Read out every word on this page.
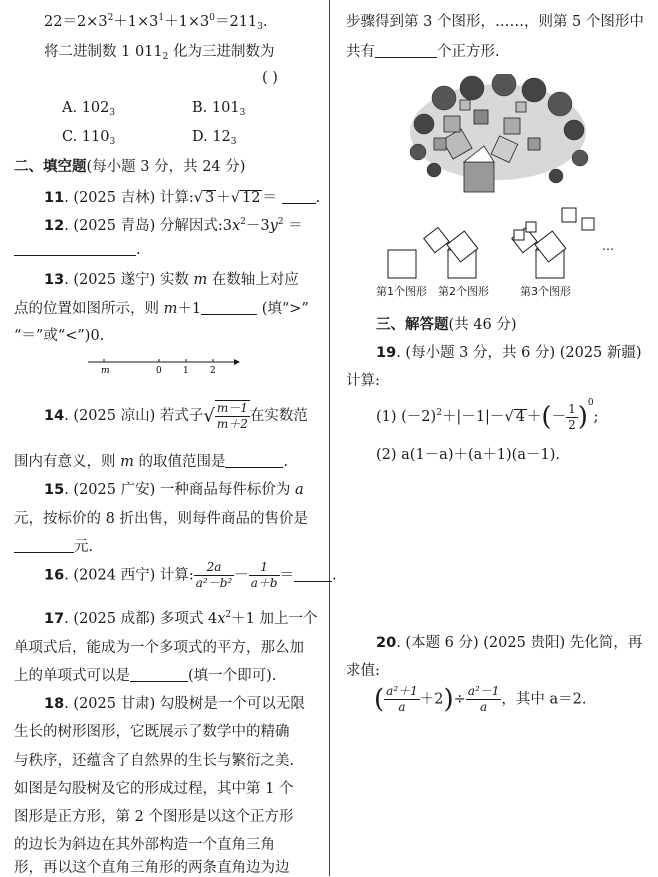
$22=2\times 3^2+1\times 3^1+1\times 3^0=211_3$.
将二进制数 1 $011_2$ 化为三进制数为
( )
A. $102_3$	B. $101_3$
C. $110_3$	D. $12_3$
二、填空题(每小题 3 分，共 24 分)
11. (2025 吉林) 计算:√ 3 ＋√ 12 ＝	.
12. (2025 青岛) 分解因式$:3x^2-3y^2$ ＝
.
13. (2025 遂宁) 实数 m 在数轴上对应
点的位置如图所示，则 m＋1	(填“>”
“＝”或“<”)0.
m	0 1 2
14. (2025 凉山) 若式子√ $\frac{m-1}{m+2}$ 在实数范
围内有意义，则 m 的取值范围是	.
15. (2025 广安) 一种商品每件标价为 a
元，按标价的 8 折出售，则每件商品的售价是
元.
16. (2024 西宁) 计算: $\frac{2a}{\text{a²－b²}} - \frac{1}{a+b}$ ＝	.
17. (2025 成都) 多项式 $4x^2+1$ 加上一个
单项式后，能成为一个多项式的平方，那么加
上的单项式可以是	(填一个即可).
18. (2025 甘肃) 勾股树是一个可以无限
生长的树形图形，它既展示了数学中的精确
与秩序，还蕴含了自然界的生长与繁衍之美.
如图是勾股树及它的形成过程，其中第 1 个
图形是正方形，第 2 个图形是以这个正方形
的边长为斜边在其外部构造一个直角三角
形，再以这个直角三角形的两条直角边为边
步骤得到第 3 个图形，……，则第 5 个图形中
共有	个正方形.
…
第1个图形 第2个图形	第3个图形
三、解答题(共 46 分)
19. (每小题 3 分，共 6 分) (2025 新疆)
计算:
(1) $(-2)^2+|-1|-√$ 4 ＋(－ $\frac{1}{2} )^0$;
(2) a(1－a)＋(a＋1)(a－1).
20. (本题 6 分) (2025 贵阳) 先化简，再
求值:
( $\frac{\text{a²＋1}}{a} +2)\div \frac{\text{a²－1}}{a}$ ，其中 a＝2.
